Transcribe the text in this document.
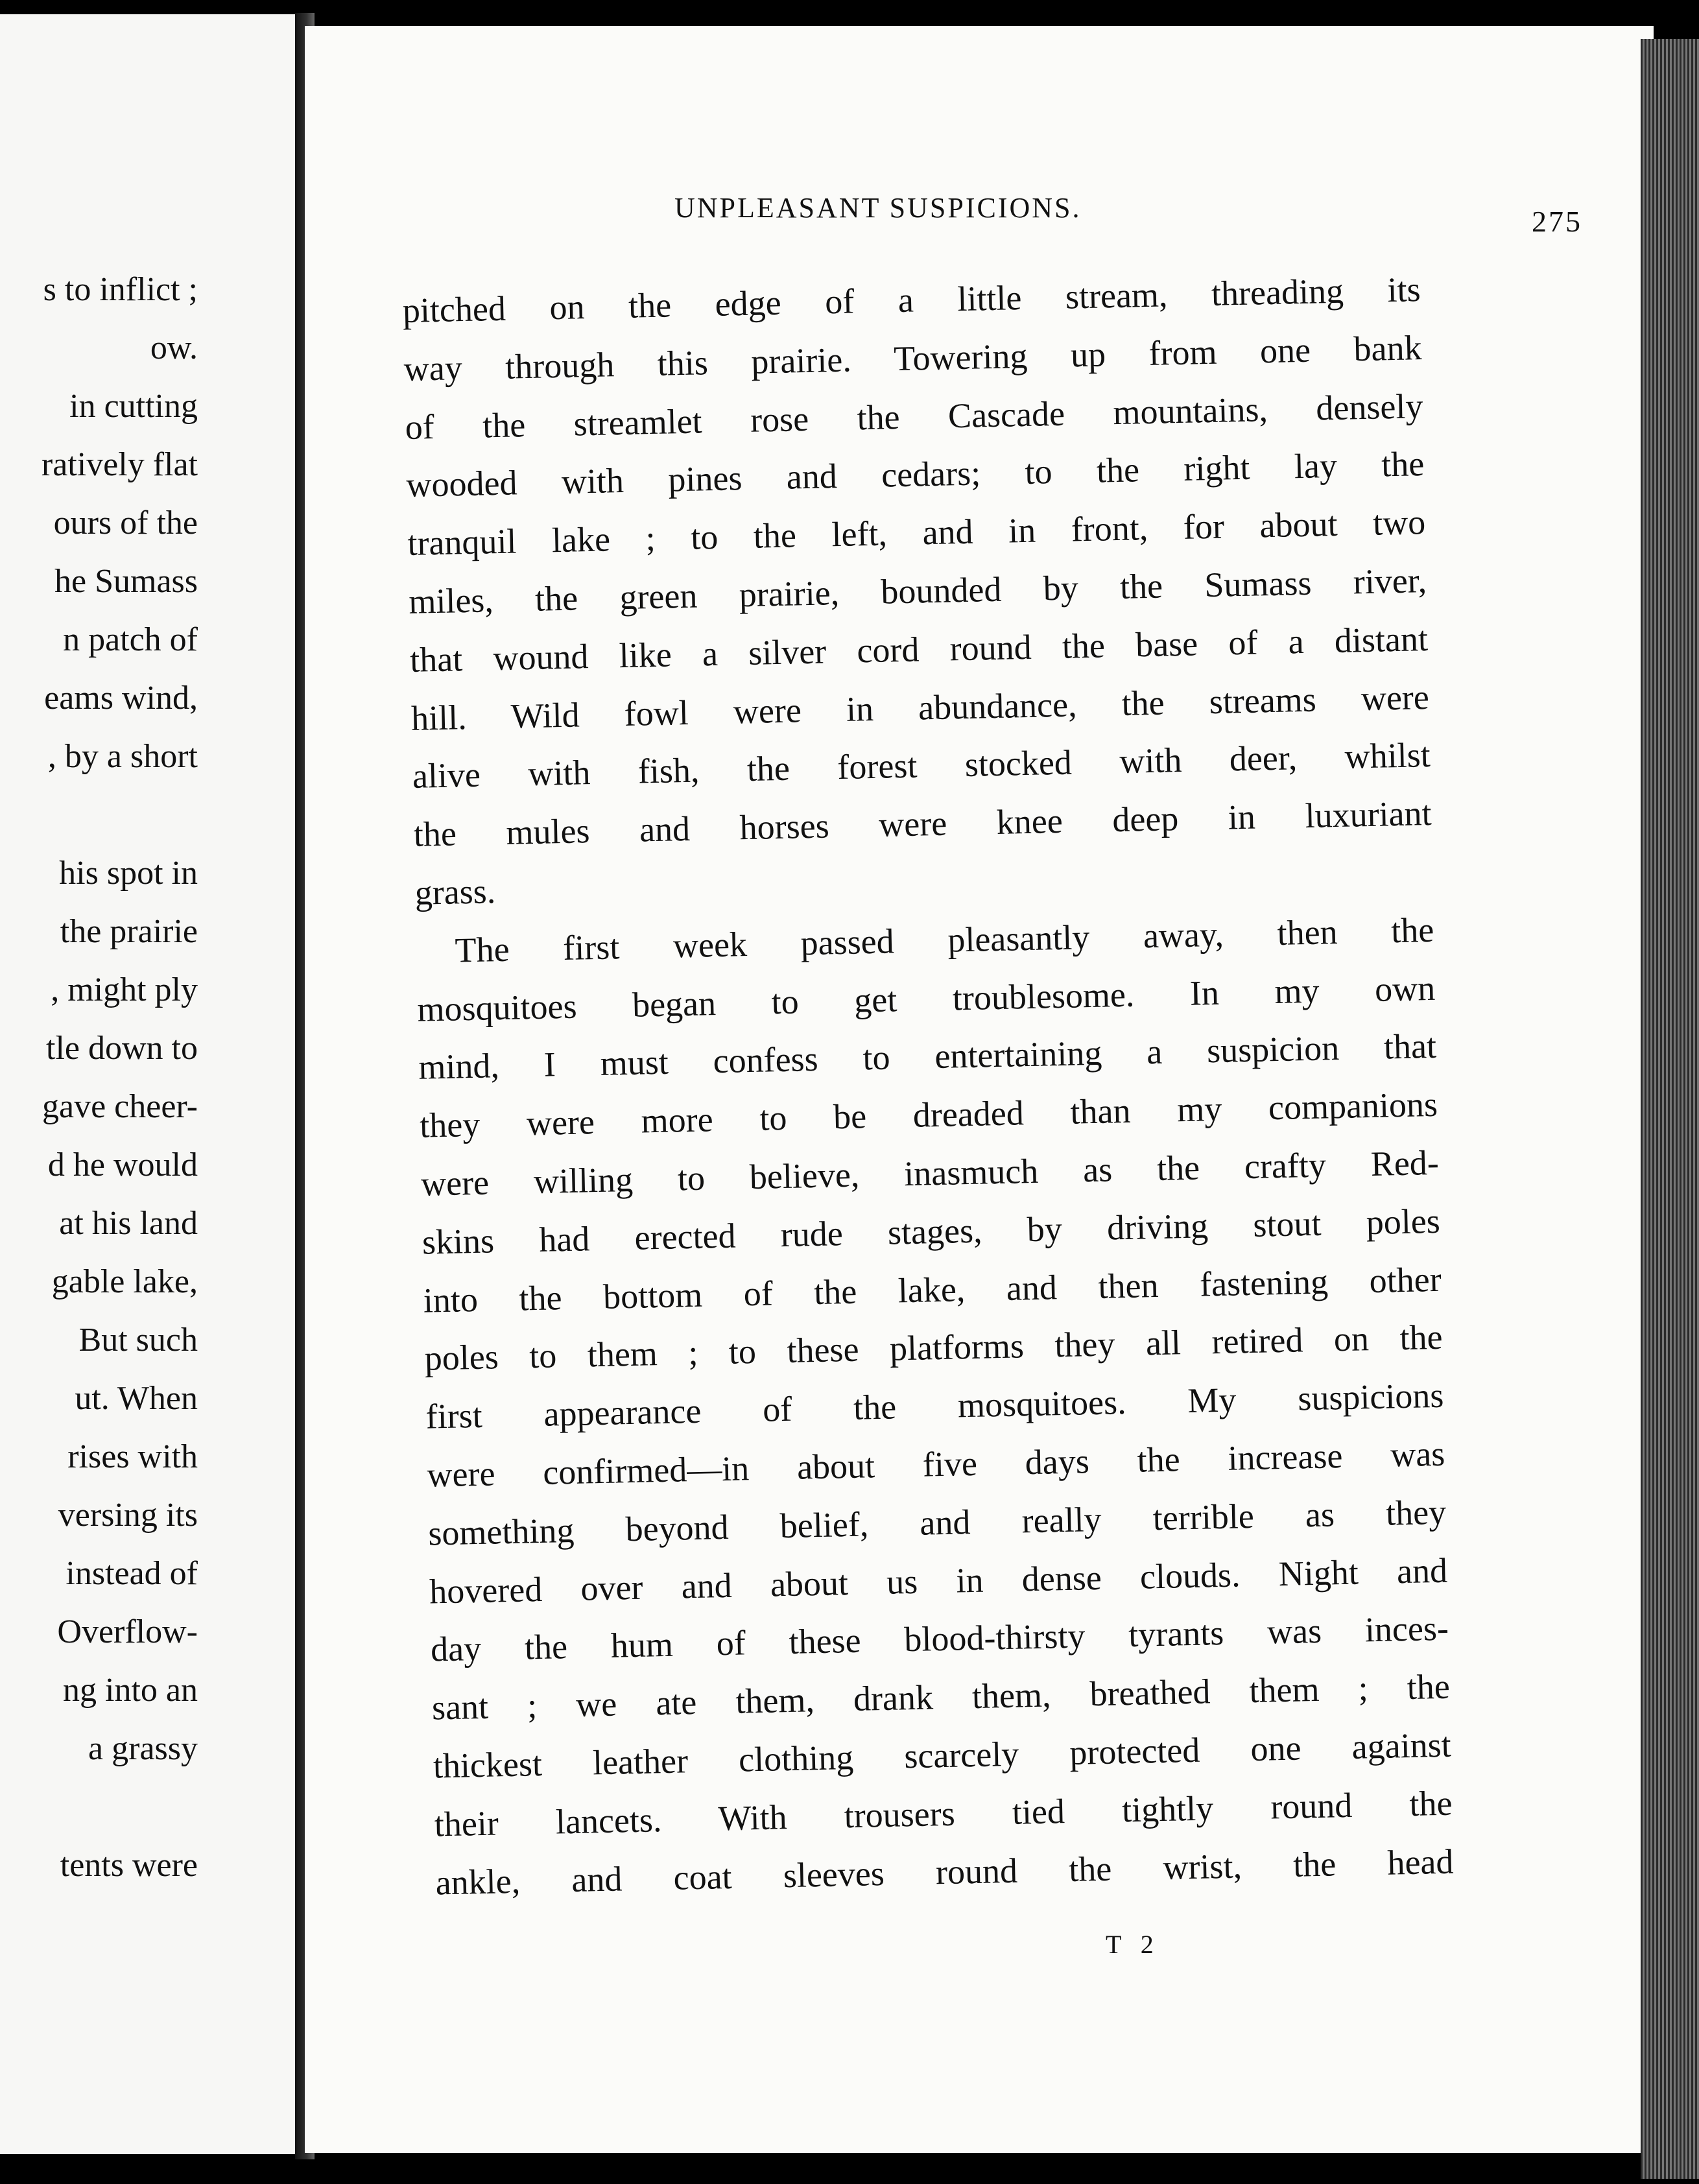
s to inflict ;
ow.
in cutting
ratively flat
ours of the
he Sumass
n patch of
eams wind,
, by a short
his spot in
the prairie
, might ply
tle down to
gave cheer-
d he would
at his land
gable lake,
But such
ut. When
rises with
versing its
instead of
Overflow-
ng into an
a grassy
tents were
UNPLEASANT SUSPICIONS.	275
pitched on the edge of a little stream, threading its
way through this prairie. Towering up from one bank
of the streamlet rose the Cascade mountains, densely
wooded with pines and cedars; to the right lay the
tranquil lake ; to the left, and in front, for about two
miles, the green prairie, bounded by the Sumass river,
that wound like a silver cord round the base of a distant
hill. Wild fowl were in abundance, the streams were
alive with fish, the forest stocked with deer, whilst
the mules and horses were knee deep in luxuriant
grass.
The first week passed pleasantly away, then the
mosquitoes began to get troublesome. In my own
mind, I must confess to entertaining a suspicion that
they were more to be dreaded than my companions
were willing to believe, inasmuch as the crafty Red-
skins had erected rude stages, by driving stout poles
into the bottom of the lake, and then fastening other
poles to them ; to these platforms they all retired on the
first appearance of the mosquitoes. My suspicions
were confirmed—in about five days the increase was
something beyond belief, and really terrible as they
hovered over and about us in dense clouds. Night and
day the hum of these blood-thirsty tyrants was inces-
sant ; we ate them, drank them, breathed them ; the
thickest leather clothing scarcely protected one against
their lancets. With trousers tied tightly round the
ankle, and coat sleeves round the wrist, the head
T 2
